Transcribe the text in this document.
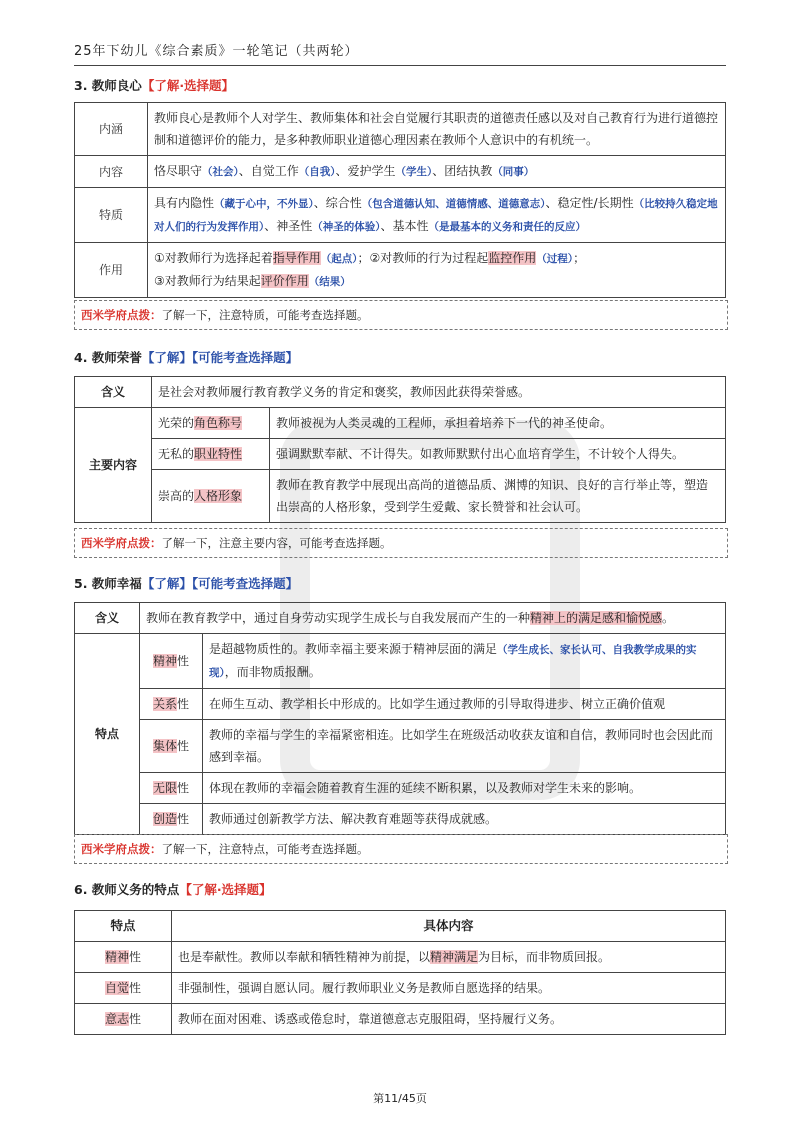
25年下幼儿《综合素质》一轮笔记（共两轮）
3. 教师良心【了解·选择题】
内涵	教师良心是教师个人对学生、教师集体和社会自觉履行其职责的道德责任感以及对自己教育行为进行道德控制和道德评价的能力，是多种教师职业道德心理因素在教师个人意识中的有机统一。
内容	恪尽职守（社会）、自觉工作（自我）、爱护学生（学生）、团结执教（同事）
特质	具有内隐性（藏于心中，不外显）、综合性（包含道德认知、道德情感、道德意志）、稳定性/长期性（比较持久稳定地对人们的行为发挥作用）、神圣性（神圣的体验）、基本性（是最基本的义务和责任的反应）
作用	①对教师行为选择起着指导作用（起点）；②对教师的行为过程起监控作用（过程）；
③对教师行为结果起评价作用（结果）
西米学府点拨：了解一下，注意特质，可能考查选择题。
4. 教师荣誉【了解】【可能考查选择题】
含义	是社会对教师履行教育教学义务的肯定和褒奖，教师因此获得荣誉感。	
主要内容	光荣的角色称号	教师被视为人类灵魂的工程师，承担着培养下一代的神圣使命。
	无私的职业特性	强调默默奉献、不计得失。如教师默默付出心血培育学生，不计较个人得失。
	崇高的人格形象	教师在教育教学中展现出高尚的道德品质、渊博的知识、良好的言行举止等，塑造出崇高的人格形象，受到学生爱戴、家长赞誉和社会认可。
西米学府点拨：了解一下，注意主要内容，可能考查选择题。
5. 教师幸福【了解】【可能考查选择题】
含义	教师在教育教学中，通过自身劳动实现学生成长与自我发展而产生的一种精神上的满足感和愉悦感。	
特点	精神性	是超越物质性的。教师幸福主要来源于精神层面的满足（学生成长、家长认可、自我教学成果的实现），而非物质报酬。
	关系性	在师生互动、教学相长中形成的。比如学生通过教师的引导取得进步、树立正确价值观
	集体性	教师的幸福与学生的幸福紧密相连。比如学生在班级活动收获友谊和自信，教师同时也会因此而感到幸福。
	无限性	体现在教师的幸福会随着教育生涯的延续不断积累，以及教师对学生未来的影响。
	创造性	教师通过创新教学方法、解决教育难题等获得成就感。
西米学府点拨：了解一下，注意特点，可能考查选择题。
6. 教师义务的特点【了解·选择题】
特点	具体内容
精神性	也是奉献性。教师以奉献和牺牲精神为前提，以精神满足为目标，而非物质回报。
自觉性	非强制性，强调自愿认同。履行教师职业义务是教师自愿选择的结果。
意志性	教师在面对困难、诱惑或倦怠时，靠道德意志克服阻碍，坚持履行义务。
第11/45页
